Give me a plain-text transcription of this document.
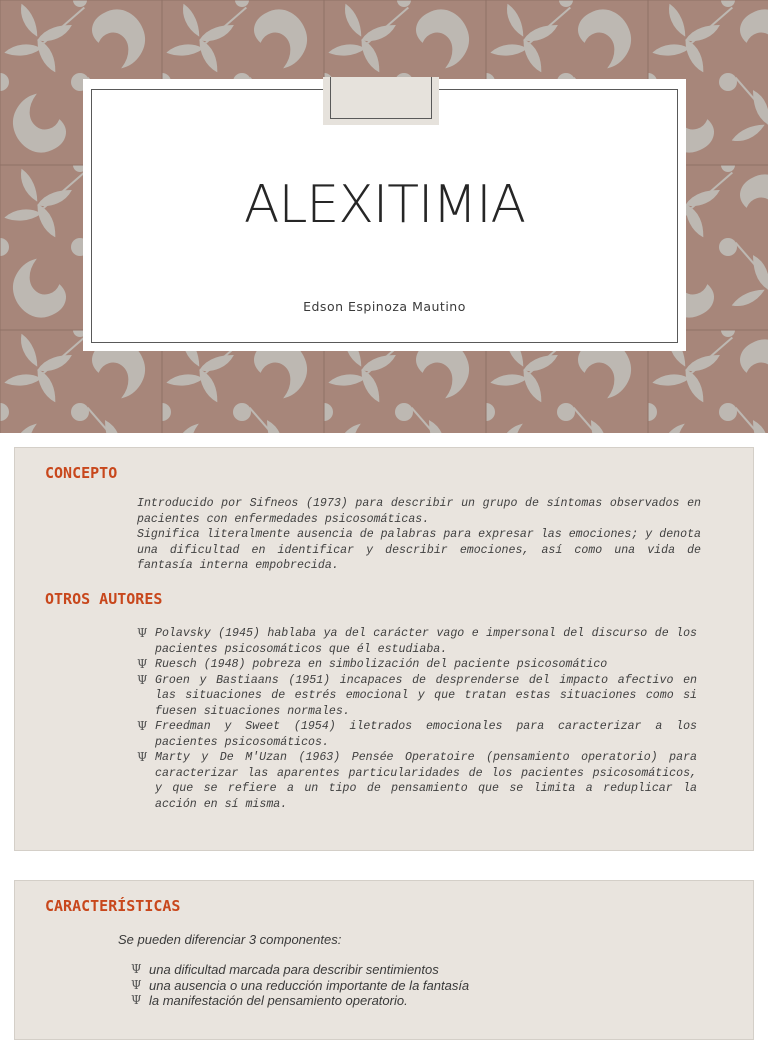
ALEXITIMIA
Edson Espinoza Mautino
CONCEPTO

Introducido por Sifneos (1973) para describir un grupo de síntomas observados en pacientes con enfermedades psicosomáticas.

Significa literalmente ausencia de palabras para expresar las emociones; y denota una dificultad en identificar y describir emociones, así como una vida de fantasía interna empobrecida.

OTROS AUTORES
Ψ Polavsky (1945) hablaba ya del carácter vago e impersonal del discurso de los pacientes psicosomáticos que él estudiaba.
Ψ Ruesch (1948) pobreza en simbolización del paciente psicosomático
Ψ Groen y Bastiaans (1951) incapaces de desprenderse del impacto afectivo en las situaciones de estrés emocional y que tratan estas situaciones como si fuesen situaciones normales.
Ψ Freedman y Sweet (1954) iletrados emocionales para caracterizar a los pacientes psicosomáticos.
Ψ Marty y De M'Uzan (1963) Pensée Operatoire (pensamiento operatorio) para caracterizar las aparentes particularidades de los pacientes psicosomáticos, y que se refiere a un tipo de pensamiento que se limita a reduplicar la acción en sí misma.
CARACTERÍSTICAS
Se pueden diferenciar 3 componentes:
Ψ una dificultad marcada para describir sentimientos
Ψ una ausencia o una reducción importante de la fantasía
Ψ la manifestación del pensamiento operatorio.
